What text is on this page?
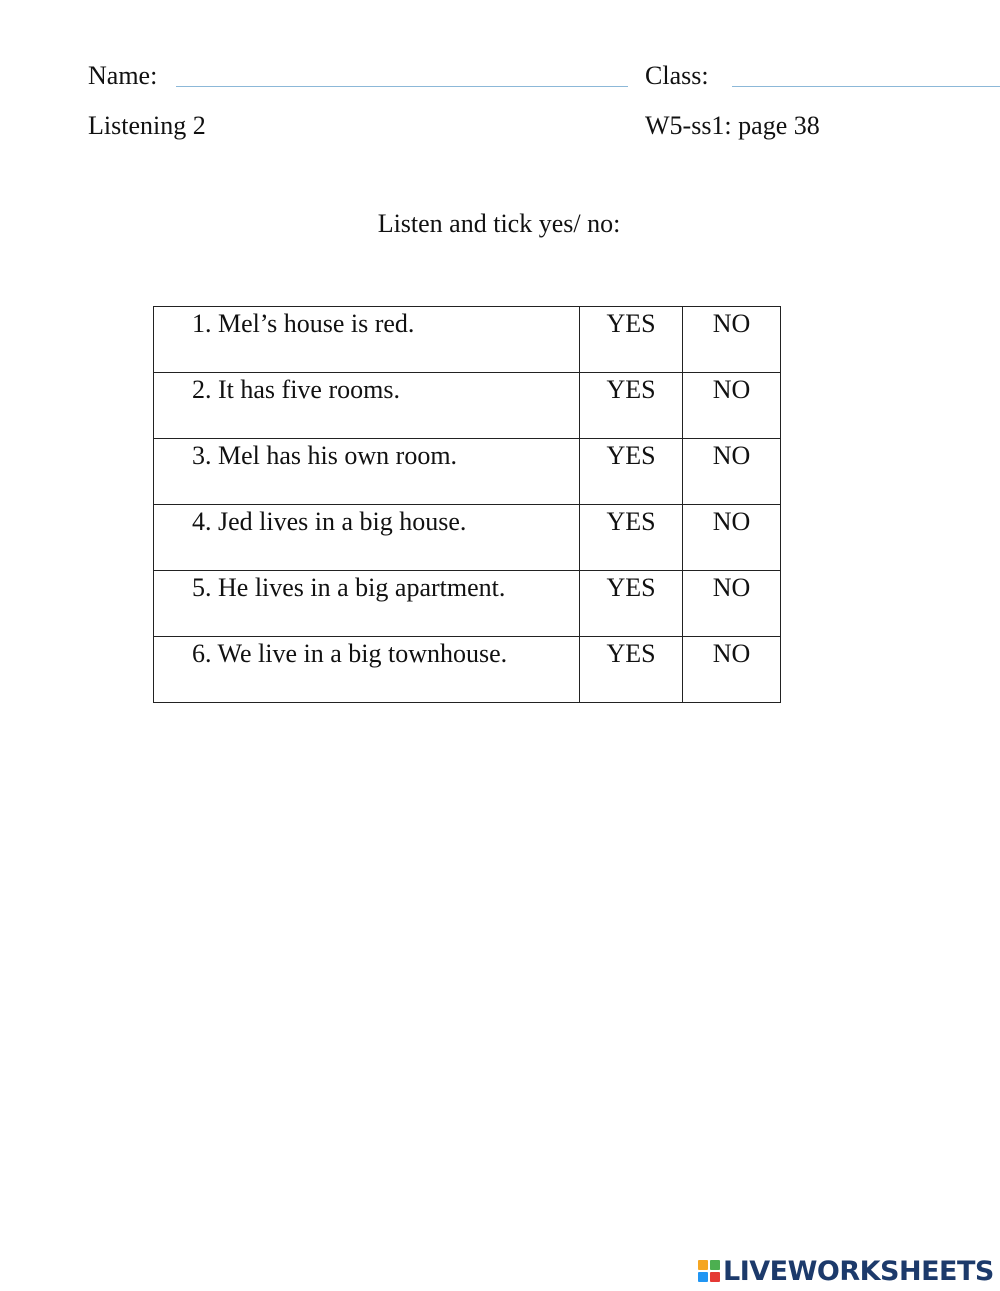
Name:	Class:
Listening 2	W5-ss1: page 38
Listen and tick yes/ no:
1. Mel’s house is red.	YES	NO
2. It has five rooms.	YES	NO
3. Mel has his own room.	YES	NO
4. Jed lives in a big house.	YES	NO
5. He lives in a big apartment.	YES	NO
6. We live in a big townhouse.	YES	NO
LIVEWORKSHEETS
